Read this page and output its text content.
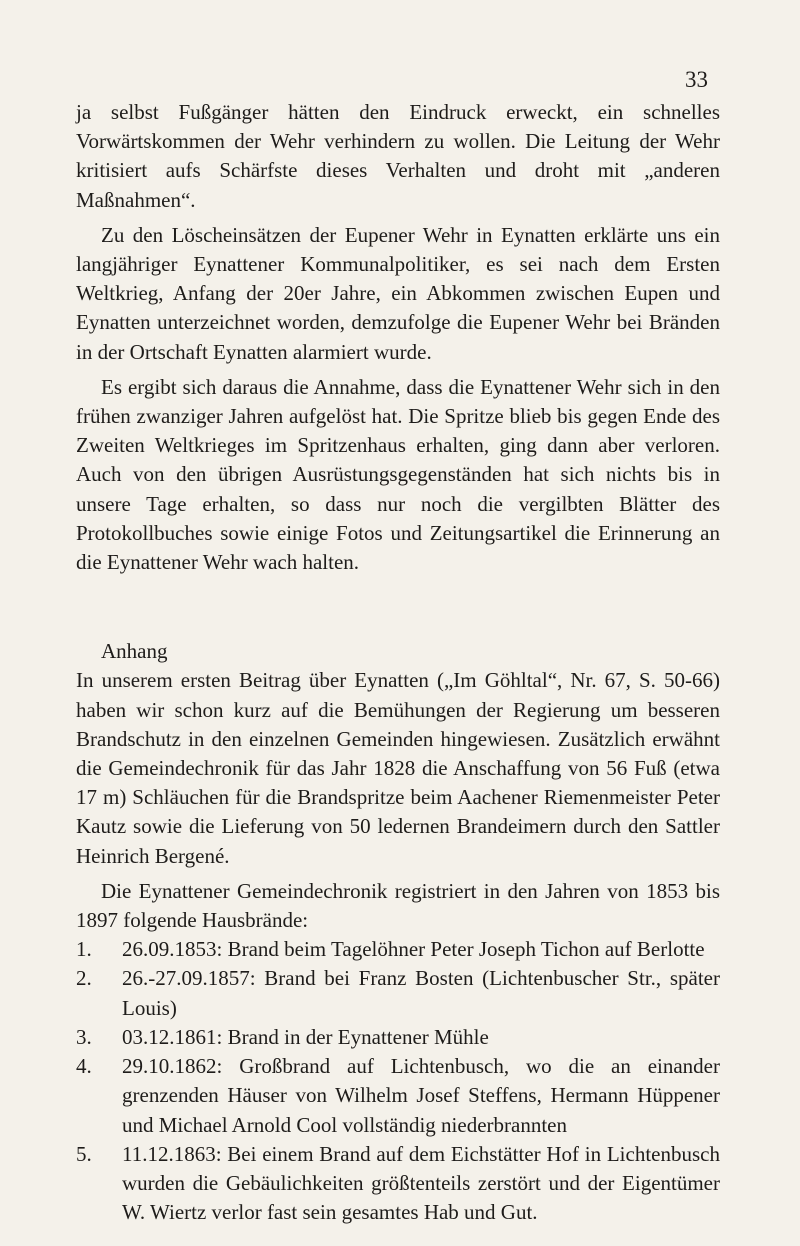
33

ja selbst Fußgänger hätten den Eindruck erweckt, ein schnelles Vorwärtskommen der Wehr verhindern zu wollen. Die Leitung der Wehr kritisiert aufs Schärfste dieses Verhalten und droht mit „anderen Maßnahmen“.

Zu den Löscheinsätzen der Eupener Wehr in Eynatten erklärte uns ein langjähriger Eynattener Kommunalpolitiker, es sei nach dem Ersten Weltkrieg, Anfang der 20er Jahre, ein Abkommen zwischen Eupen und Eynatten unterzeichnet worden, demzufolge die Eupener Wehr bei Bränden in der Ortschaft Eynatten alarmiert wurde.

Es ergibt sich daraus die Annahme, dass die Eynattener Wehr sich in den frühen zwanziger Jahren aufgelöst hat. Die Spritze blieb bis gegen Ende des Zweiten Weltkrieges im Spritzenhaus erhalten, ging dann aber verloren. Auch von den übrigen Ausrüstungsgegenständen hat sich nichts bis in unsere Tage erhalten, so dass nur noch die vergilbten Blätter des Protokollbuches sowie einige Fotos und Zeitungsartikel die Erinnerung an die Eynattener Wehr wach halten.

Anhang

In unserem ersten Beitrag über Eynatten („Im Göhltal“, Nr. 67, S. 50-66) haben wir schon kurz auf die Bemühungen der Regierung um besseren Brandschutz in den einzelnen Gemeinden hingewiesen. Zusätzlich erwähnt die Gemeindechronik für das Jahr 1828 die Anschaffung von 56 Fuß (etwa 17 m) Schläuchen für die Brandspritze beim Aachener Riemenmeister Peter Kautz sowie die Lieferung von 50 ledernen Brandeimern durch den Sattler Heinrich Bergené.

Die Eynattener Gemeindechronik registriert in den Jahren von 1853 bis 1897 folgende Hausbrände:

1.	26.09.1853: Brand beim Tagelöhner Peter Joseph Tichon auf Berlotte
2.	26.-27.09.1857: Brand bei Franz Bosten (Lichtenbuscher Str., später Louis)
3.	03.12.1861: Brand in der Eynattener Mühle
4.	29.10.1862: Großbrand auf Lichtenbusch, wo die an einander grenzenden Häuser von Wilhelm Josef Steffens, Hermann Hüppener und Michael Arnold Cool vollständig niederbrannten
5.	11.12.1863: Bei einem Brand auf dem Eichstätter Hof in Lichtenbusch wurden die Gebäulichkeiten größtenteils zerstört und der Eigentümer W. Wiertz verlor fast sein gesamtes Hab und Gut.
